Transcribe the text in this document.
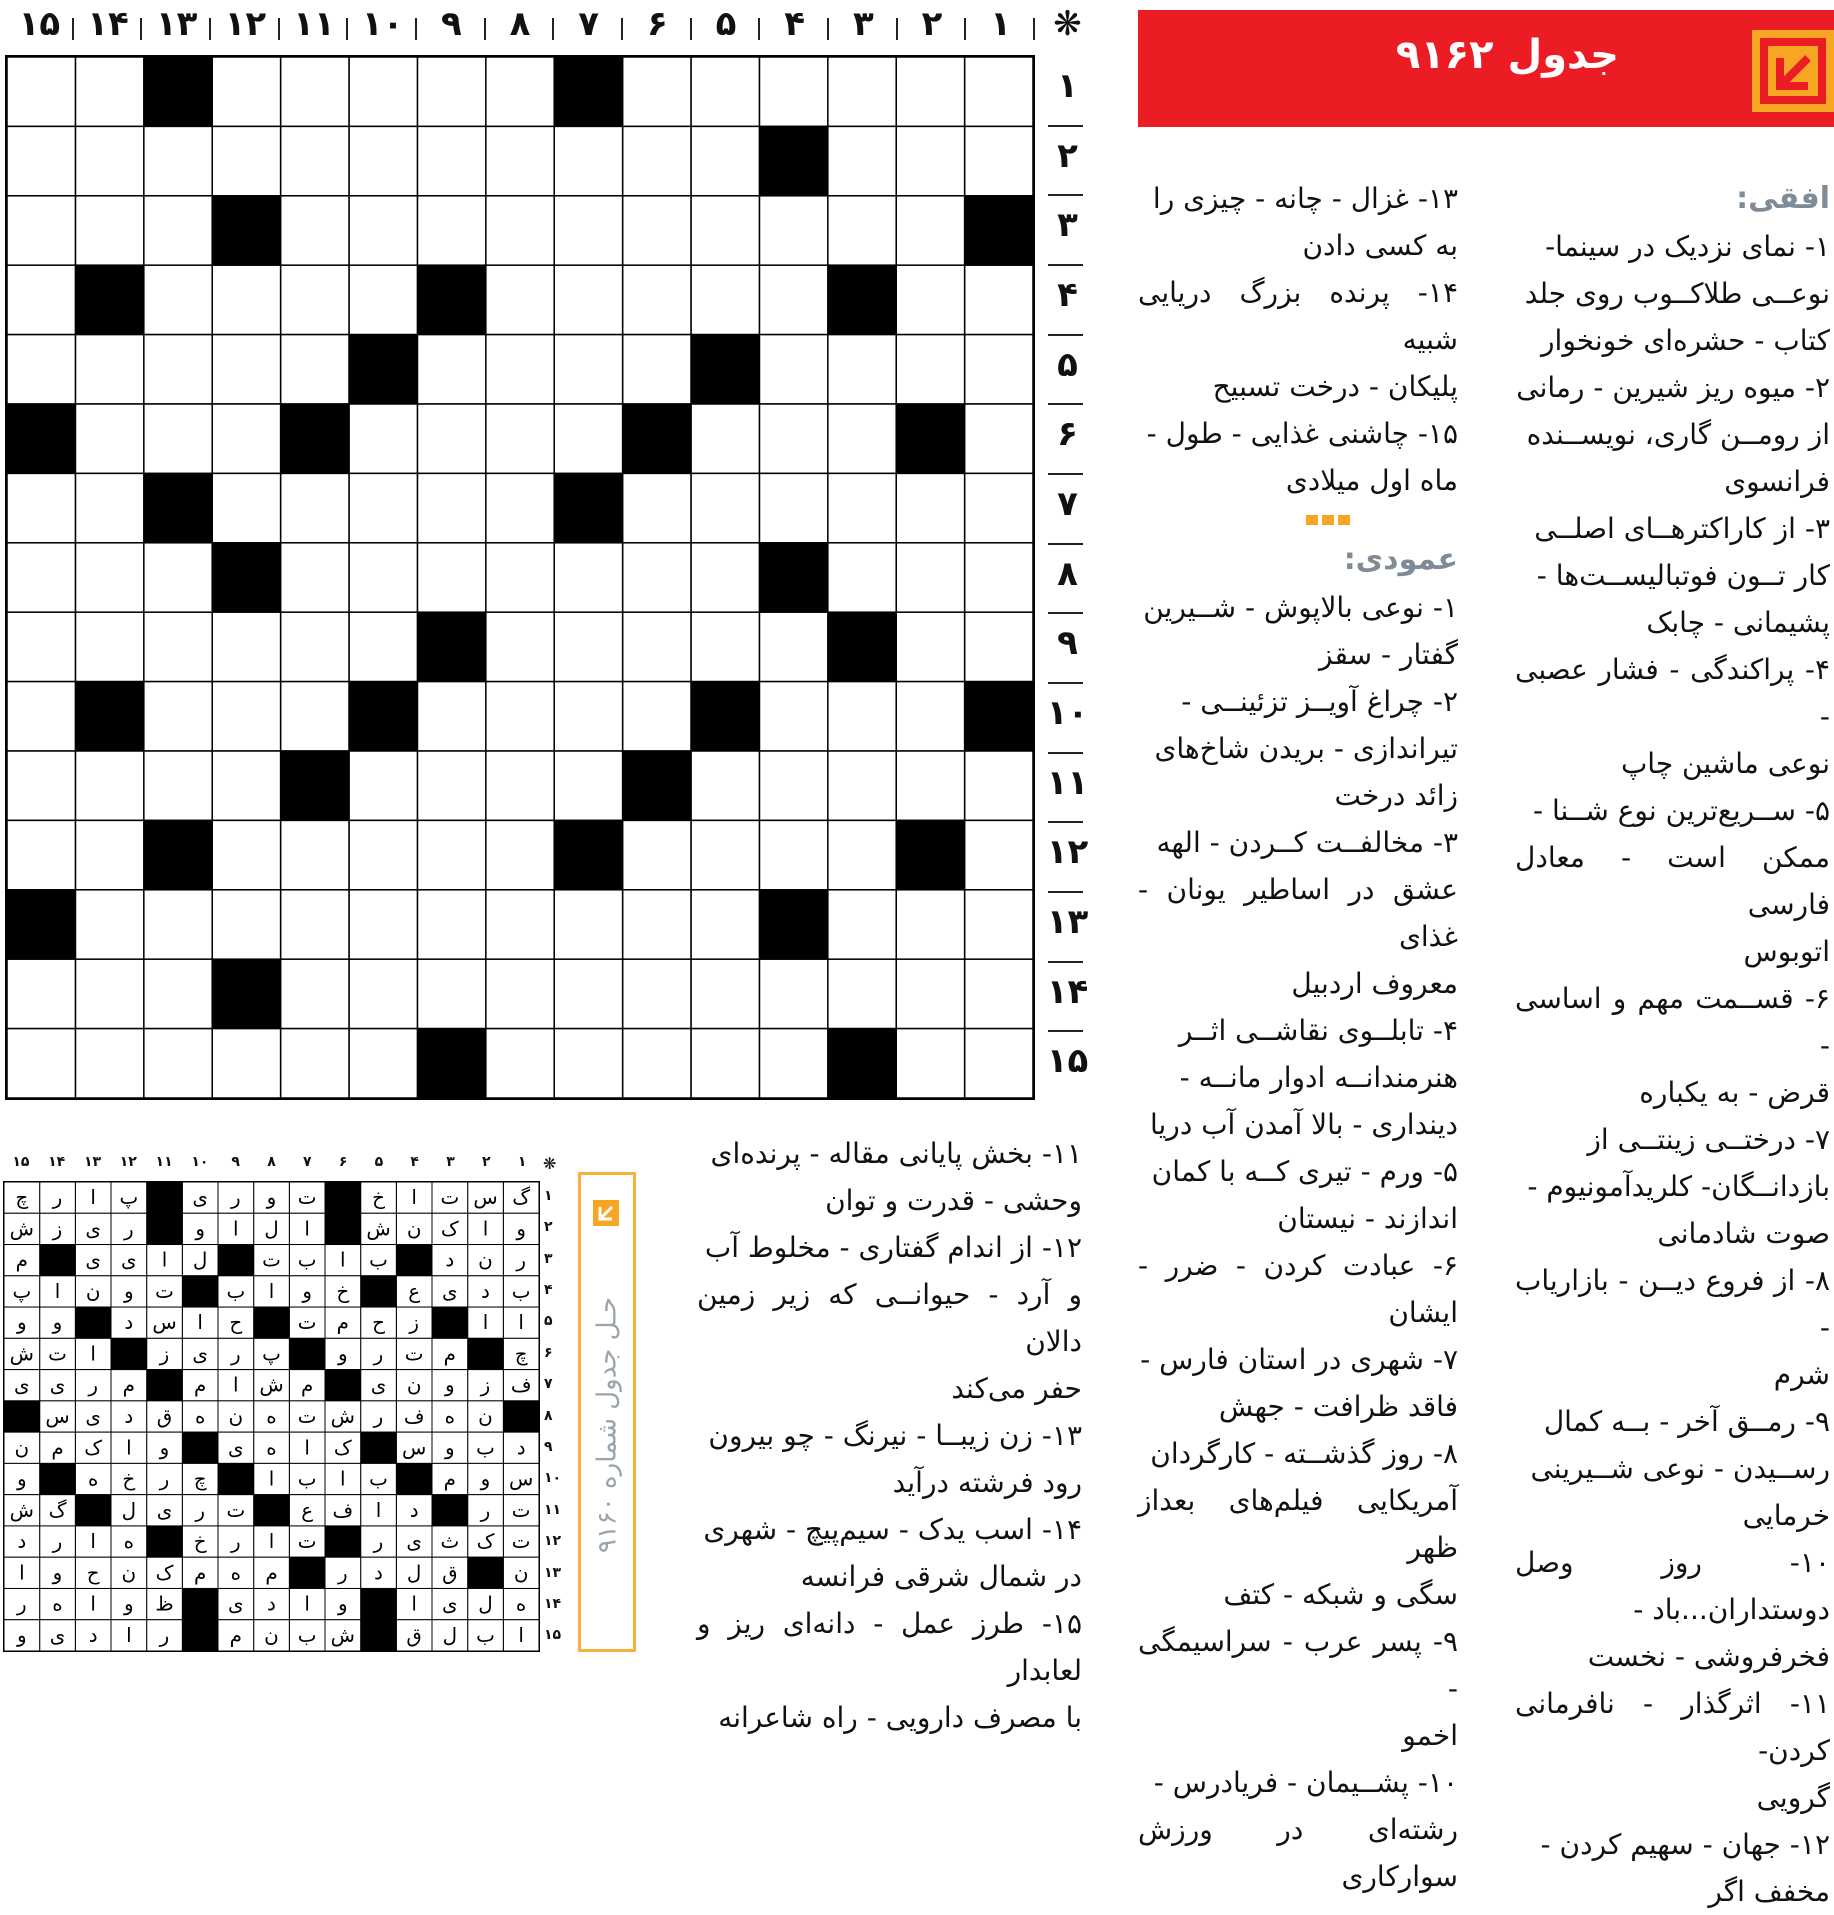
❋
۱
۲
۳
۴
۵
۶
۷
۸
۹
۱۰
۱۱
۱۲
۱۳
۱۴
۱۵
۱
۲
۳
۴
۵
۶
۷
۸
۹
۱۰
۱۱
۱۲
۱۳
۱۴
۱۵
جدول ۹۱۶۲
افقی:
۱- نمای نزدیک در سینما-
نوعــی طلاکــوب روی جلد
کتاب - حشره‌ای خونخوار
۲- میوه ریز شیرین - رمانی
از رومــن گاری، نویســنده
فرانسوی
۳- از کاراکترهــای اصلــی
کار تــون فوتبالیســت‌ها -
پشیمانی - چابک
۴- پراکندگی - فشار عصبی -
نوعی ماشین چاپ
۵- ســریع‌ترین نوع شــنا -
ممکن است - معادل فارسی
اتوبوس
۶- قســمت مهم و اساسی -
قرض - به یکباره
۷- درختــی زینتــی از
بازدانــگان- کلریدآمونیوم -
صوت شادمانی
۸- از فروع دیــن - بازاریاب -
شرم
۹- رمــق آخر - بــه کمال
رســیدن - نوعی شــیرینی
خرمایی
۱۰- روز وصل دوستداران...باد -
فخرفروشی - نخست
۱۱- اثرگذار - نافرمانی کردن-
گرویی
۱۲- جهان - سهیم کردن -
مخفف اگر
۱۳- غزال - چانه - چیزی را
به کسی دادن
۱۴- پرنده بزرگ دریایی شبیه
پلیکان - درخت تسبیح
۱۵- چاشنی غذایی - طول -
ماه اول میلادی
عمودی:
۱- نوعی بالاپوش - شــیرین
گفتار - سقز
۲- چراغ آویــز تزئینــی -
تیراندازی - بریدن شاخ‌های
زائد درخت
۳- مخالفــت کــردن - الهه
عشق در اساطیر یونان - غذای
معروف اردبیل
۴- تابلــوی نقاشــی اثــر
هنرمندانــه ادوار مانــه -
دینداری - بالا آمدن آب دریا
۵- ورم - تیری کــه با کمان
اندازند - نیستان
۶- عبادت کردن - ضرر - ایشان
۷- شهری در استان فارس -
فاقد ظرافت - جهش
۸- روز گذشــته - کارگردان
آمریکایی فیلم‌های بعداز ظهر
سگی و شبکه - کتف
۹- پسر عرب - سراسیمگی -
اخمو
۱۰- پشــیمان - فریادرس -
رشته‌ای در ورزش سوارکاری
۱۱- بخش پایانی مقاله - پرنده‌ای
وحشی - قدرت و توان
۱۲- از اندام گفتاری - مخلوط آب
و آرد - حیوانــی که زیر زمین دالان
حفر می‌کند
۱۳- زن زیبــا - نیرنگ - چو بیرون
رود فرشته درآید
۱۴- اسب یدک - سیم‌پیچ - شهری
در شمال شرقی فرانسه
۱۵- طرز عمل - دانه‌ای ریز و لعابدار
با مصرف دارویی - راه شاعرانه
حـل جدول شماره ۹۱۶۰
گ
س
ت
ا
خ
ت
و
ر
ی
پ
ا
ر
چ
و
ا
ک
ن
ش
ا
ل
ا
و
ر
ی
ز
ش
ر
ن
د
ب
ا
ب
ت
ل
ا
ی
ی
م
ب
د
ی
ع
خ
و
ا
ب
ت
و
ن
ا
پ
ا
ا
ز
ح
م
ت
ح
ا
س
د
و
و
چ
م
ت
ر
و
پ
ر
ی
ز
ا
ت
ش
ف
ز
و
ن
ی
م
ش
ا
م
م
ر
ی
ی
ن
ه
ف
ر
ش
ت
ه
ن
ه
ق
د
ی
س
د
ب
و
س
ک
ا
ه
ی
و
ا
ک
م
ن
س
و
م
ب
ا
ب
ا
چ
ر
خ
ه
و
ت
ر
د
ا
ف
ع
ت
ر
ی
ل
گ
ش
ت
ک
ث
ی
ر
ت
ا
ر
خ
ه
ا
ر
د
ن
ق
ل
د
ر
م
ه
م
ک
ن
ح
و
ا
ه
ل
ی
ا
و
ا
د
ی
ظ
و
ا
ه
ر
ا
ب
ل
ق
ش
ب
ن
م
ر
ا
د
ی
و
۱
۲
۳
۴
۵
۶
۷
۸
۹
۱۰
۱۱
۱۲
۱۳
۱۴
۱۵	❋
۱
۲
۳
۴
۵
۶
۷
۸
۹
۱۰
۱۱
۱۲
۱۳
۱۴
۱۵
